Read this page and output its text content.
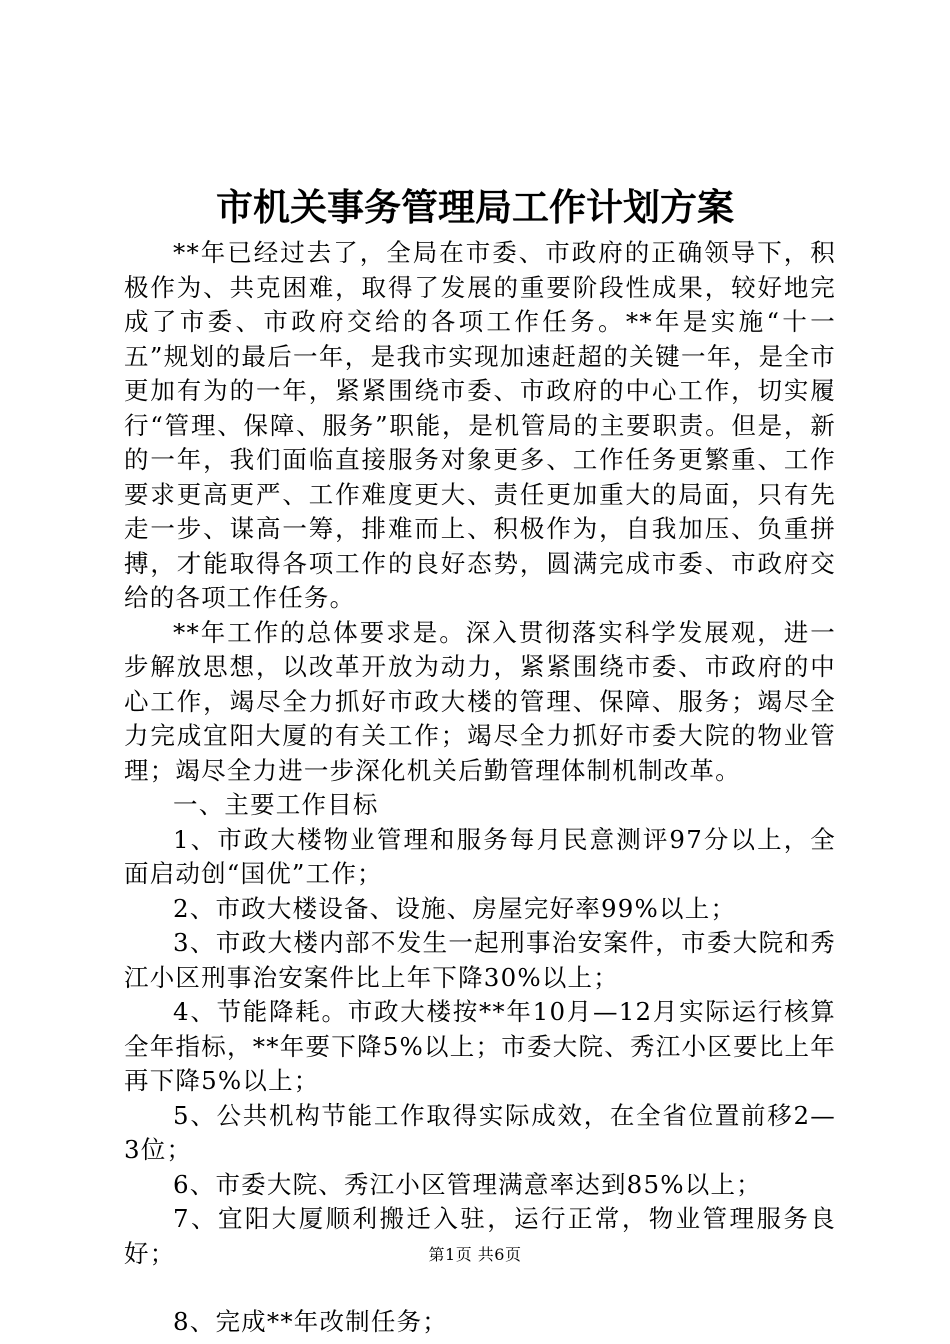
市机关事务管理局工作计划方案

**年已经过去了，全局在市委、市政府的正确领导下，积极作为、共克困难，取得了发展的重要阶段性成果，较好地完成了市委、市政府交给的各项工作任务。**年是实施“十一五”规划的最后一年，是我市实现加速赶超的关键一年，是全市更加有为的一年，紧紧围绕市委、市政府的中心工作，切实履行“管理、保障、服务”职能，是机管局的主要职责。但是，新的一年，我们面临直接服务对象更多、工作任务更繁重、工作要求更高更严、工作难度更大、责任更加重大的局面，只有先走一步、谋高一筹，排难而上、积极作为，自我加压、负重拼搏，才能取得各项工作的良好态势，圆满完成市委、市政府交给的各项工作任务。

**年工作的总体要求是。深入贯彻落实科学发展观，进一步解放思想，以改革开放为动力，紧紧围绕市委、市政府的中心工作，竭尽全力抓好市政大楼的管理、保障、服务；竭尽全力完成宜阳大厦的有关工作；竭尽全力抓好市委大院的物业管理；竭尽全力进一步深化机关后勤管理体制机制改革。

一、主要工作目标

1、市政大楼物业管理和服务每月民意测评97分以上，全面启动创“国优”工作；

2、市政大楼设备、设施、房屋完好率99%以上；

3、市政大楼内部不发生一起刑事治安案件，市委大院和秀江小区刑事治安案件比上年下降30%以上；

4、节能降耗。市政大楼按**年10月—12月实际运行核算全年指标，**年要下降5%以上；市委大院、秀江小区要比上年再下降5%以上；

5、公共机构节能工作取得实际成效，在全省位置前移2—3位；

6、市委大院、秀江小区管理满意率达到85%以上；

7、宜阳大厦顺利搬迁入驻，运行正常，物业管理服务良好；

8、完成**年改制任务；

第1页 共6页
